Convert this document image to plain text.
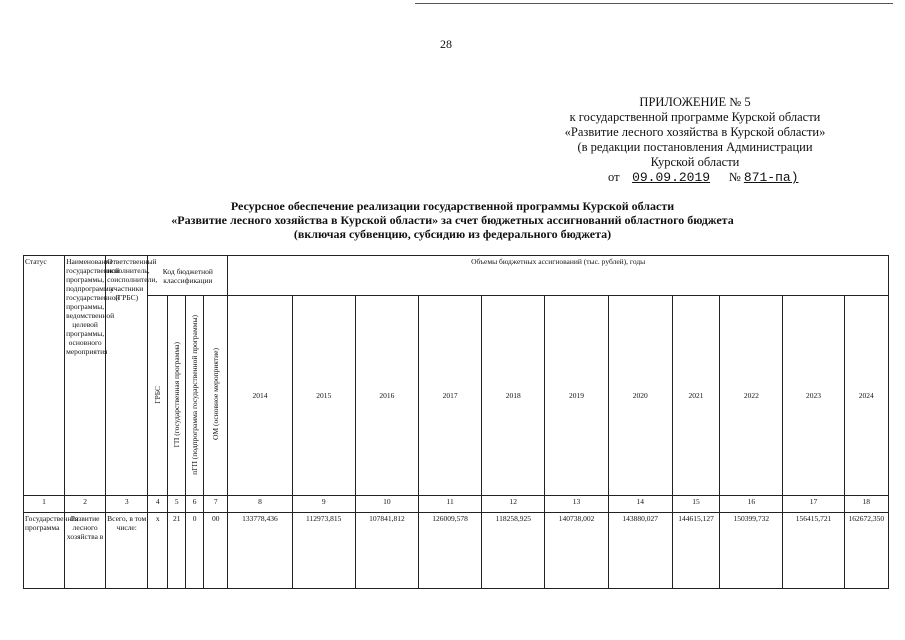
28
ПРИЛОЖЕНИЕ № 5
к государственной программе Курской области
«Развитие лесного хозяйства в Курской области»
(в редакции постановления Администрации
Курской области
от 09.09.2019 № 871-па)
Ресурсное обеспечение реализации государственной программы Курской области
«Развитие лесного хозяйства в Курской области» за счет бюджетных ассигнований областного бюджета
(включая субвенцию, субсидию из федерального бюджета)
Статус	Наименование государственной программы, подпрограммы государственной программы, ведомственной целевой программы, основного мероприятия	Ответственный исполнитель, соисполнители, участники (ГРБС)	Код бюджетной классификации				Объемы бюджетных ассигнований (тыс. рублей), годы										
			ГРБС	ГП (государственная программа)	пГП (подпрограмма государственной программы)	ОМ (основное мероприятие)	2014	2015	2016	2017	2018	2019	2020	2021	2022	2023	2024
1	2	3	4	5	6	7	8	9	10	11	12	13	14	15	16	17	18
Государственная программа	Развитие лесного хозяйства в	Всего, в том числе:	x	21	0	00	133778,436	112973,815	107841,812	126009,578	118258,925	140738,002	143880,027	144615,127	150399,732	156415,721	162672,350
